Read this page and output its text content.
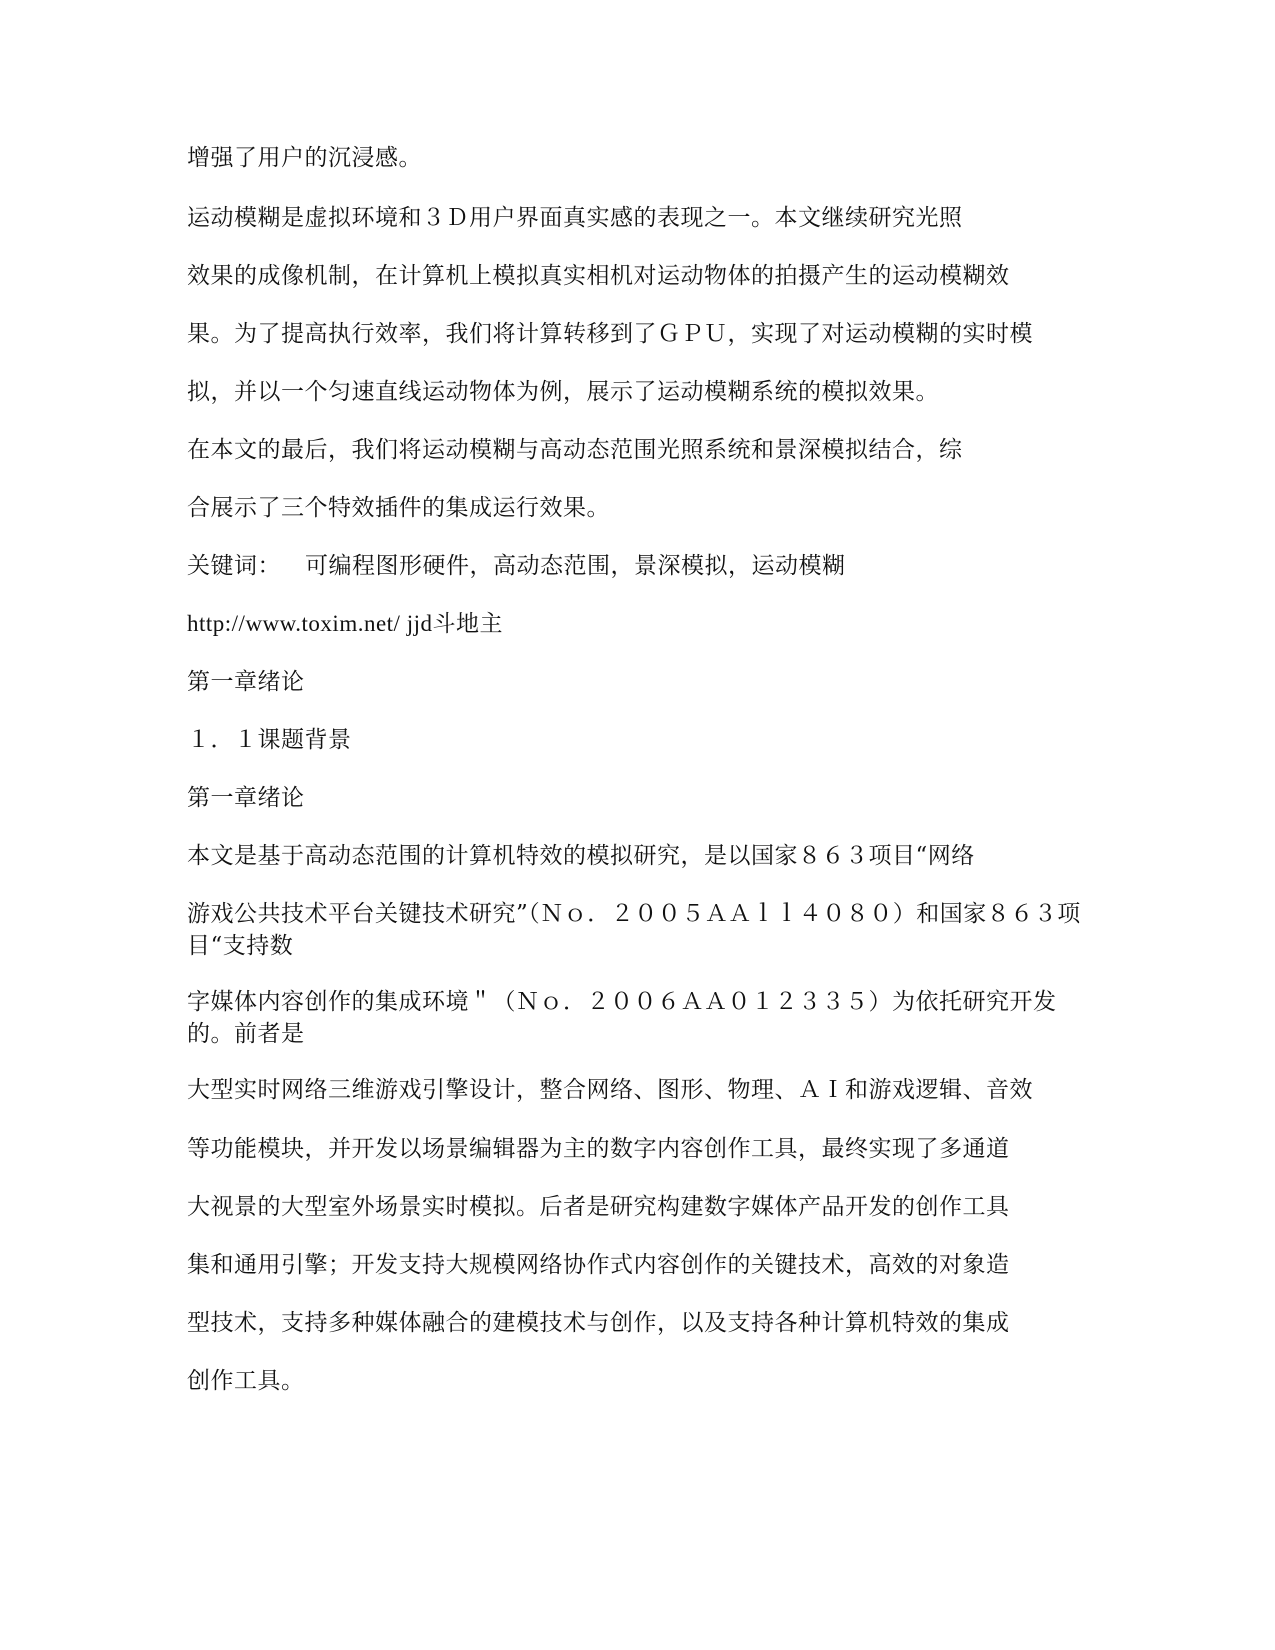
增强了用户的沉浸感。
运动模糊是虚拟环境和３Ｄ用户界面真实感的表现之一。本文继续研究光照
效果的成像机制，在计算机上模拟真实相机对运动物体的拍摄产生的运动模糊效
果。为了提高执行效率，我们将计算转移到了ＧＰＵ，实现了对运动模糊的实时模
拟，并以一个匀速直线运动物体为例，展示了运动模糊系统的模拟效果。
在本文的最后，我们将运动模糊与高动态范围光照系统和景深模拟结合，综
合展示了三个特效插件的集成运行效果。
关键词： 可编程图形硬件，高动态范围，景深模拟，运动模糊
http://www.toxim.net/ jjd斗地主
第一章绪论
１．１课题背景
第一章绪论
本文是基于高动态范围的计算机特效的模拟研究，是以国家８６３项目“网络
游戏公共技术平台关键技术研究”（Ｎｏ．２００５ＡＡｌｌ４０８０）和国家８６３项目“支持数
字媒体内容创作的集成环境＂（Ｎｏ．２００６ＡＡ０１２３３５）为依托研究开发的。前者是
大型实时网络三维游戏引擎设计，整合网络、图形、物理、ＡＩ和游戏逻辑、音效
等功能模块，并开发以场景编辑器为主的数字内容创作工具，最终实现了多通道
大视景的大型室外场景实时模拟。后者是研究构建数字媒体产品开发的创作工具
集和通用引擎；开发支持大规模网络协作式内容创作的关键技术，高效的对象造
型技术，支持多种媒体融合的建模技术与创作，以及支持各种计算机特效的集成
创作工具。
